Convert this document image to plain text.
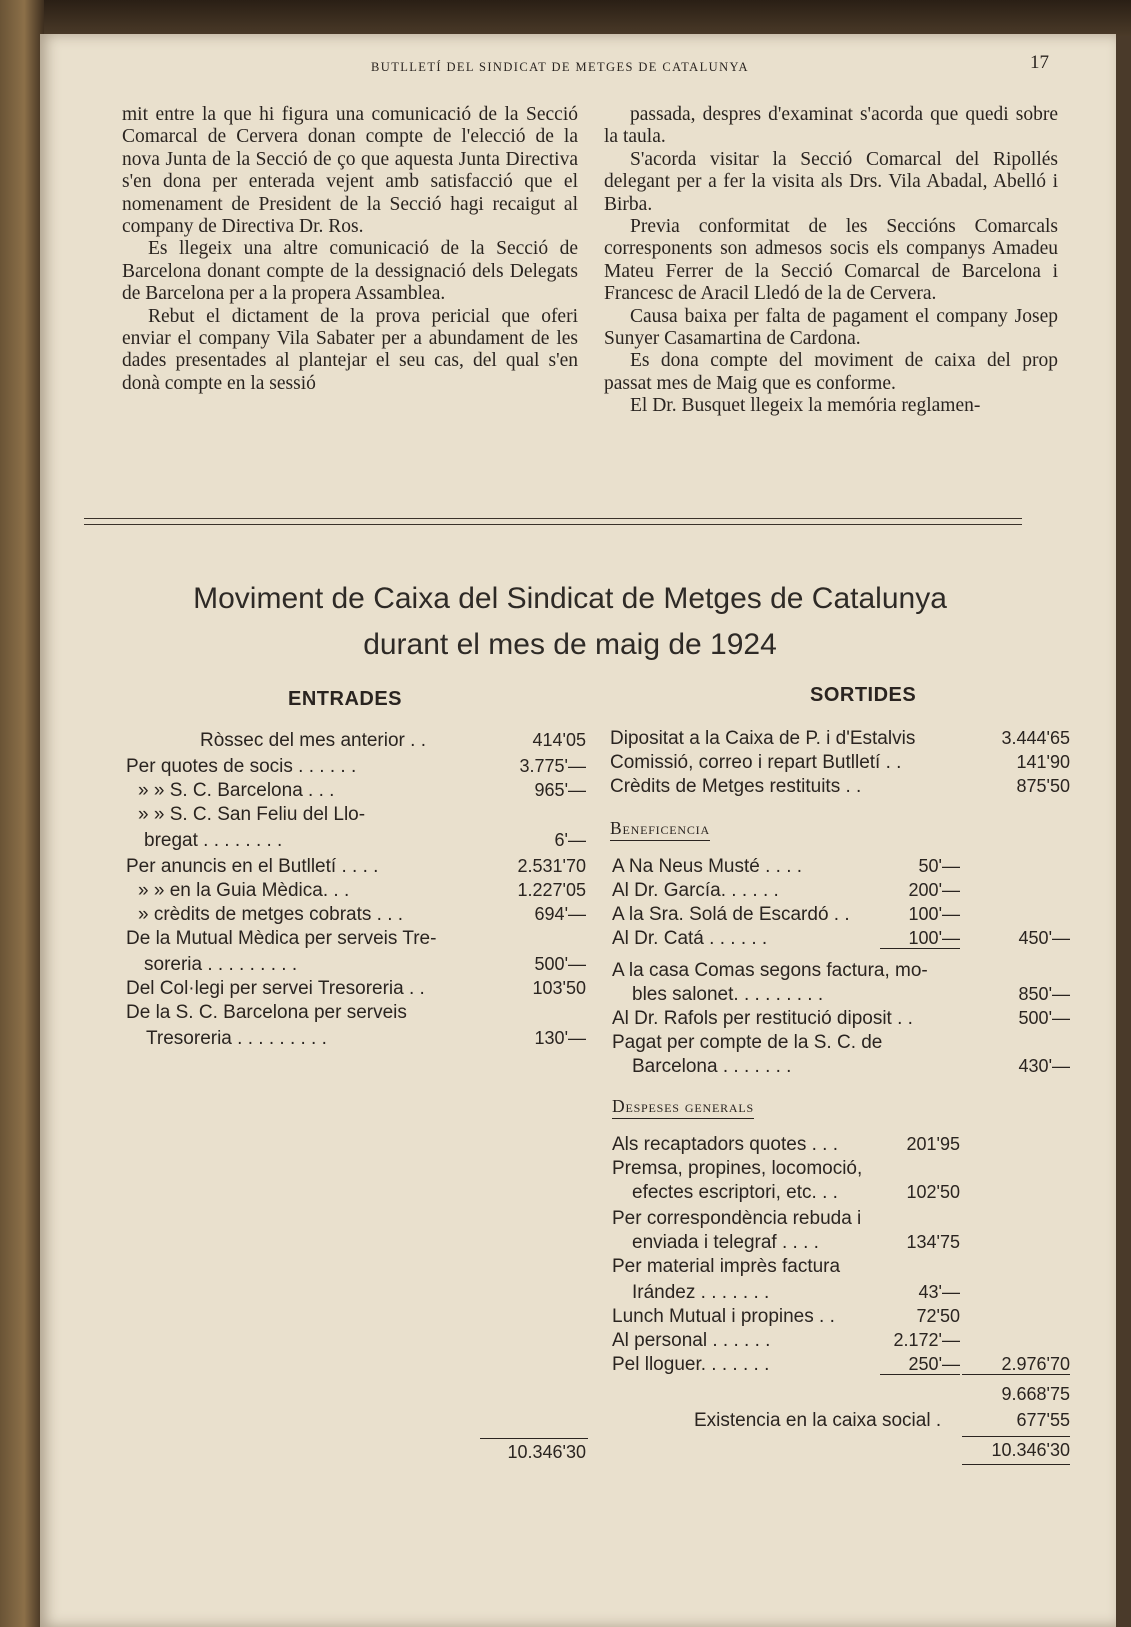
BUTLLETÍ DEL SINDICAT DE METGES DE CATALUNYA	17

mit entre la que hi figura una comunicació de la Secció Comarcal de Cervera donan compte de l'elecció de la nova Junta de la Secció de ço que aquesta Junta Directiva s'en dona per enterada vejent amb satisfacció que el nomenament de President de la Secció hagi recaigut al company de Directiva Dr. Ros.

Es llegeix una altre comunicació de la Secció de Barcelona donant compte de la dessignació dels Delegats de Barcelona per a la propera Assamblea.

Rebut el dictament de la prova pericial que oferi enviar el company Vila Sabater per a abundament de les dades presentades al plantejar el seu cas, del qual s'en donà compte en la sessió

passada, despres d'examinat s'acorda que quedi sobre la taula.

S'acorda visitar la Secció Comarcal del Ripollés delegant per a fer la visita als Drs. Vila Abadal, Abelló i Birba.

Previa conformitat de les Seccións Comarcals corresponents son admesos socis els companys Amadeu Mateu Ferrer de la Secció Comarcal de Barcelona i Francesc de Aracil Lledó de la de Cervera.

Causa baixa per falta de pagament el company Josep Sunyer Casamartina de Cardona.

Es dona compte del moviment de caixa del prop passat mes de Maig que es conforme.

El Dr. Busquet llegeix la memória reglamen-

Moviment de Caixa del Sindicat de Metges de Catalunya
durant el mes de maig de 1924
ENTRADES	SORTIDES
Ròssec del mes anterior . .	414'05
Per quotes de socis . . . . . .	3.775'—
» » S. C. Barcelona . . .	965'—
» » S. C. San Feliu del Llo-
bregat . . . . . . . .	6'—
Per anuncis en el Butlletí . . . .	2.531'70
» » en la Guia Mèdica. . .	1.227'05
» crèdits de metges cobrats . . .	694'—
De la Mutual Mèdica per serveis Tre-
soreria . . . . . . . . .	500'—
Del Col·legi per servei Tresoreria . .	103'50
De la S. C. Barcelona per serveis
Tresoreria . . . . . . . . .	130'—
10.346'30
Dipositat a la Caixa de P. i d'Estalvis	3.444'65
Comissió, correo i repart Butlletí . .	141'90
Crèdits de Metges restituits . .	875'50
Beneficencia
A Na Neus Musté . . . .	50'—
Al Dr. García. . . . . .	200'—
A la Sra. Solá de Escardó . .	100'—
Al Dr. Catá . . . . . .	100'—	450'—
A la casa Comas segons factura, mo-
bles salonet. . . . . . . . .	850'—
Al Dr. Rafols per restitució diposit . .	500'—
Pagat per compte de la S. C. de
Barcelona . . . . . . .	430'—
Despeses generals
Als recaptadors quotes . . .	201'95
Premsa, propines, locomoció,
efectes escriptori, etc. . .	102'50
Per correspondència rebuda i
enviada i telegraf . . . .	134'75
Per material imprès factura
Irández . . . . . . .	43'—
Lunch Mutual i propines . .	72'50
Al personal . . . . . .	2.172'—
Pel lloguer. . . . . . .	250'—	2.976'70
9.668'75
Existencia en la caixa social .	677'55
10.346'30
